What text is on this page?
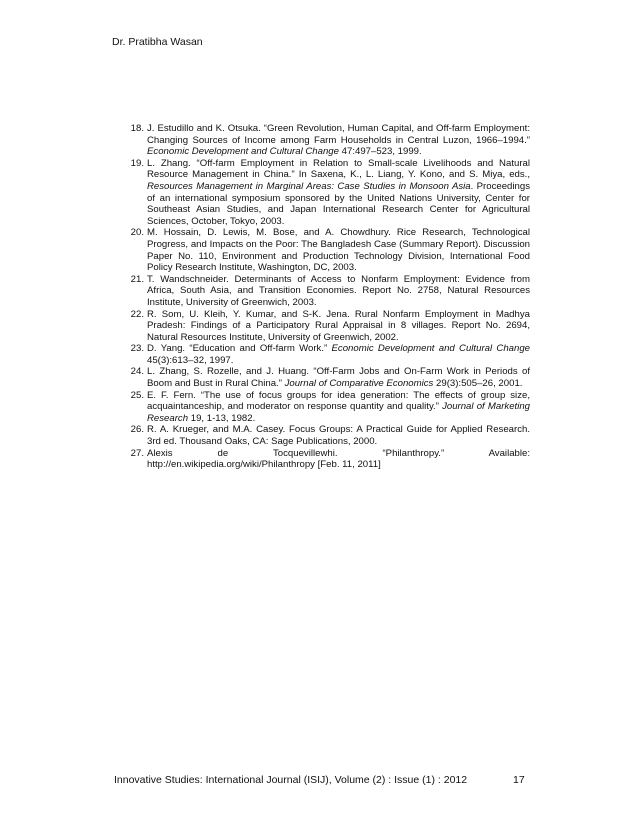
Dr. Pratibha Wasan
18. J. Estudillo and K. Otsuka. “Green Revolution, Human Capital, and Off-farm Employment: Changing Sources of Income among Farm Households in Central Luzon, 1966–1994.” Economic Development and Cultural Change 47:497–523, 1999.
19. L. Zhang. “Off-farm Employment in Relation to Small-scale Livelihoods and Natural Resource Management in China.” In Saxena, K., L. Liang, Y. Kono, and S. Miya, eds., Resources Management in Marginal Areas: Case Studies in Monsoon Asia. Proceedings of an international symposium sponsored by the United Nations University, Center for Southeast Asian Studies, and Japan International Research Center for Agricultural Sciences, October, Tokyo, 2003.
20. M. Hossain, D. Lewis, M. Bose, and A. Chowdhury. Rice Research, Technological Progress, and Impacts on the Poor: The Bangladesh Case (Summary Report). Discussion Paper No. 110, Environment and Production Technology Division, International Food Policy Research Institute, Washington, DC, 2003.
21. T. Wandschneider. Determinants of Access to Nonfarm Employment: Evidence from Africa, South Asia, and Transition Economies. Report No. 2758, Natural Resources Institute, University of Greenwich, 2003.
22. R. Som, U. Kleih, Y. Kumar, and S-K. Jena. Rural Nonfarm Employment in Madhya Pradesh: Findings of a Participatory Rural Appraisal in 8 villages. Report No. 2694, Natural Resources Institute, University of Greenwich, 2002.
23. D. Yang. “Education and Off-farm Work.” Economic Development and Cultural Change 45(3):613–32, 1997.
24. L. Zhang, S. Rozelle, and J. Huang. “Off-Farm Jobs and On-Farm Work in Periods of Boom and Bust in Rural China.” Journal of Comparative Economics 29(3):505–26, 2001.
25. E. F. Fern. “The use of focus groups for idea generation: The effects of group size, acquaintanceship, and moderator on response quantity and quality.” Journal of Marketing Research 19, 1-13, 1982.
26. R. A. Krueger, and M.A. Casey. Focus Groups: A Practical Guide for Applied Research. 3rd ed. Thousand Oaks, CA: Sage Publications, 2000.
27. Alexis de Tocquevillewhi. “Philanthropy.” Available: http://en.wikipedia.org/wiki/Philanthropy [Feb. 11, 2011]
Innovative Studies: International Journal (ISIJ), Volume (2) : Issue (1) : 2012	17
